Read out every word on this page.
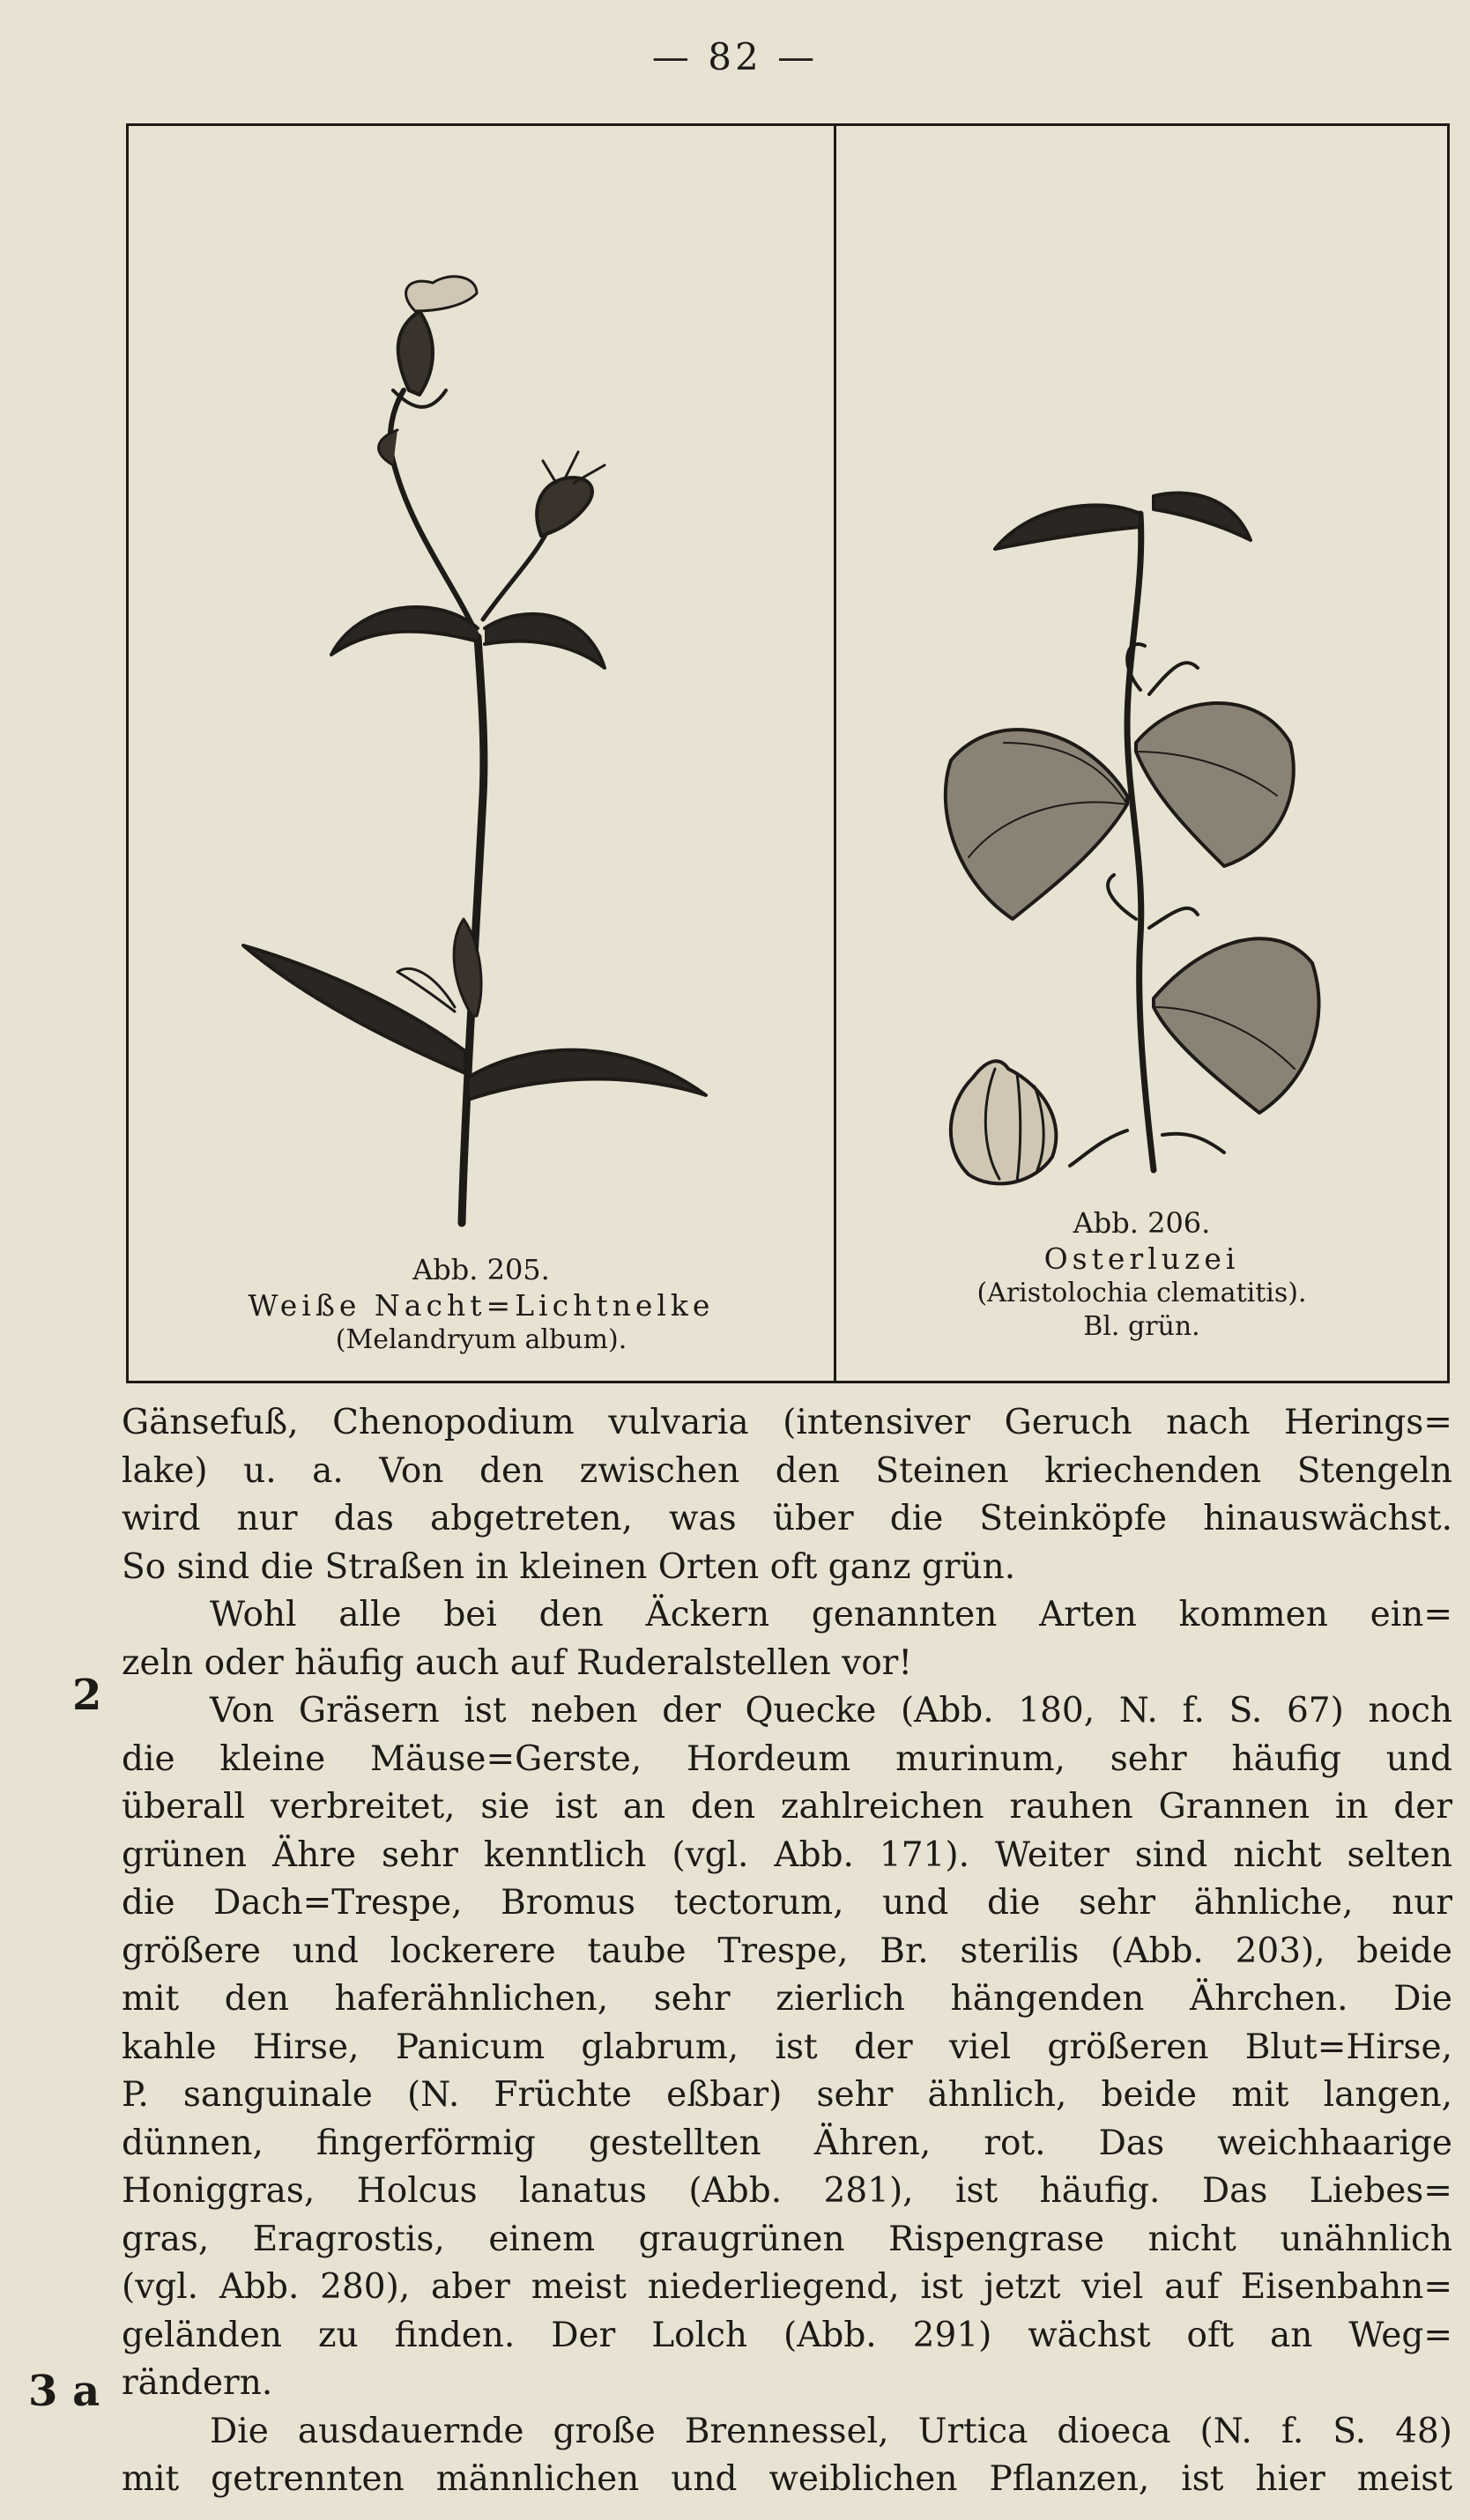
— 82 —
Abb. 205.
Weiße Nacht=Lichtnelke
(Melandryum album).
Abb. 206.
Osterluzei
(Aristolochia clematitis).
Bl. grün.
2
3 a
Gänsefuß, Chenopodium vulvaria (intensiver Geruch nach Herings=
lake) u. a. Von den zwischen den Steinen kriechenden Stengeln
wird nur das abgetreten, was über die Steinköpfe hinauswächst.
So sind die Straßen in kleinen Orten oft ganz grün.
Wohl alle bei den Äckern genannten Arten kommen ein=
zeln oder häufig auch auf Ruderalstellen vor!
Von Gräsern ist neben der Quecke (Abb. 180, N. f. S. 67) noch
die kleine Mäuse=Gerste, Hordeum murinum, sehr häufig und
überall verbreitet, sie ist an den zahlreichen rauhen Grannen in der
grünen Ähre sehr kenntlich (vgl. Abb. 171). Weiter sind nicht selten
die Dach=Trespe, Bromus tectorum, und die sehr ähnliche, nur
größere und lockerere taube Trespe, Br. sterilis (Abb. 203), beide
mit den haferähnlichen, sehr zierlich hängenden Ährchen. Die
kahle Hirse, Panicum glabrum, ist der viel größeren Blut=Hirse,
P. sanguinale (N. Früchte eßbar) sehr ähnlich, beide mit langen,
dünnen, fingerförmig gestellten Ähren, rot. Das weichhaarige
Honiggras, Holcus lanatus (Abb. 281), ist häufig. Das Liebes=
gras, Eragrostis, einem graugrünen Rispengrase nicht unähnlich
(vgl. Abb. 280), aber meist niederliegend, ist jetzt viel auf Eisenbahn=
geländen zu finden. Der Lolch (Abb. 291) wächst oft an Weg=
rändern.
Die ausdauernde große Brennessel, Urtica dioeca (N. f. S. 48)
mit getrennten männlichen und weiblichen Pflanzen, ist hier meist
